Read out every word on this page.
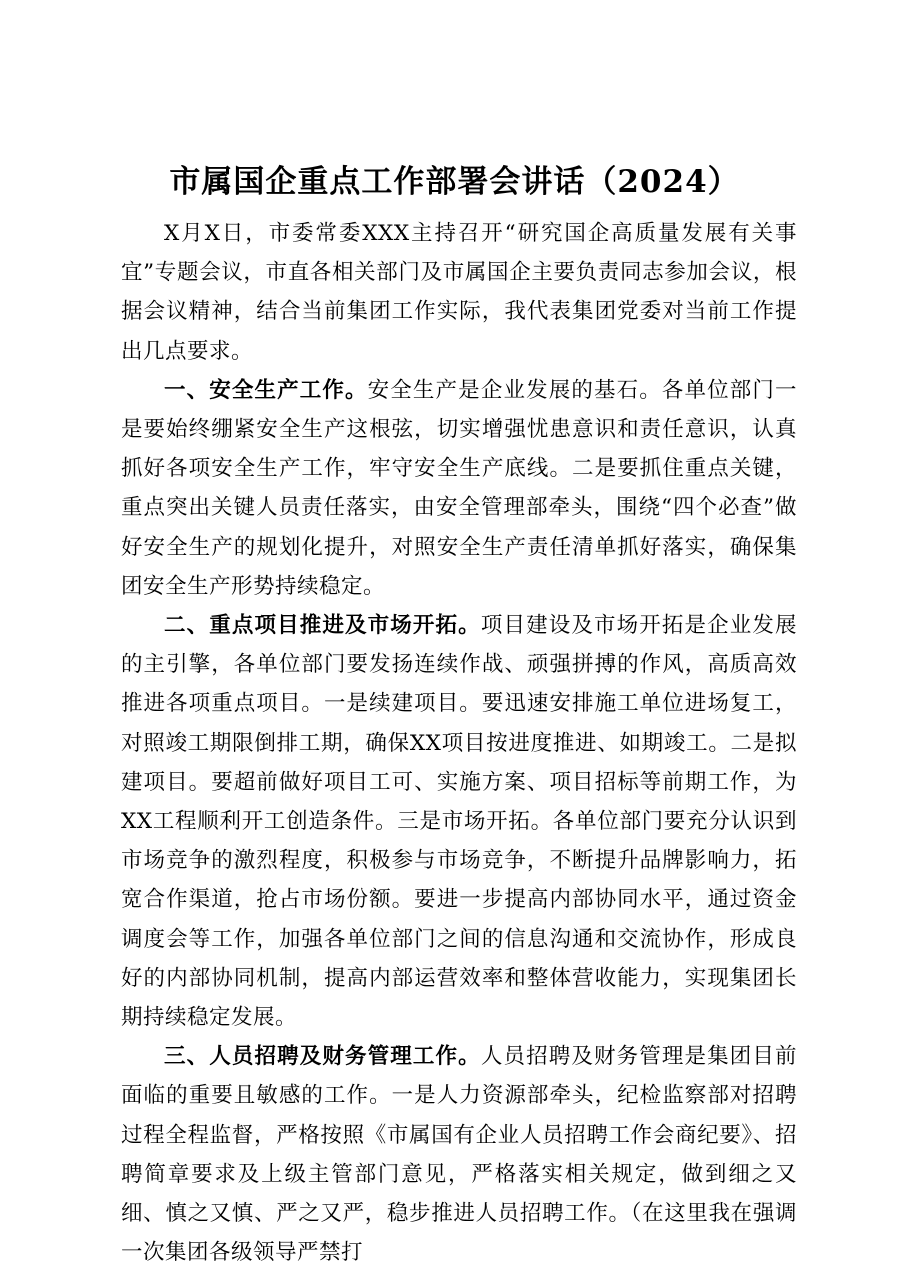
市属国企重点工作部署会讲话（2024）

X月X日，市委常委XXX主持召开“研究国企高质量发展有关事宜”专题会议，市直各相关部门及市属国企主要负责同志参加会议，根据会议精神，结合当前集团工作实际，我代表集团党委对当前工作提出几点要求。

一、安全生产工作。安全生产是企业发展的基石。各单位部门一是要始终绷紧安全生产这根弦，切实增强忧患意识和责任意识，认真抓好各项安全生产工作，牢守安全生产底线。二是要抓住重点关键，重点突出关键人员责任落实，由安全管理部牵头，围绕“四个必查”做好安全生产的规划化提升，对照安全生产责任清单抓好落实，确保集团安全生产形势持续稳定。

二、重点项目推进及市场开拓。项目建设及市场开拓是企业发展的主引擎，各单位部门要发扬连续作战、顽强拼搏的作风，高质高效推进各项重点项目。一是续建项目。要迅速安排施工单位进场复工，对照竣工期限倒排工期，确保XX项目按进度推进、如期竣工。二是拟建项目。要超前做好项目工可、实施方案、项目招标等前期工作，为XX工程顺利开工创造条件。三是市场开拓。各单位部门要充分认识到市场竞争的激烈程度，积极参与市场竞争，不断提升品牌影响力，拓宽合作渠道，抢占市场份额。要进一步提高内部协同水平，通过资金调度会等工作，加强各单位部门之间的信息沟通和交流协作，形成良好的内部协同机制，提高内部运营效率和整体营收能力，实现集团长期持续稳定发展。

三、人员招聘及财务管理工作。人员招聘及财务管理是集团目前面临的重要且敏感的工作。一是人力资源部牵头，纪检监察部对招聘过程全程监督，严格按照《市属国有企业人员招聘工作会商纪要》、招聘简章要求及上级主管部门意见，严格落实相关规定，做到细之又细、慎之又慎、严之又严，稳步推进人员招聘工作。（在这里我在强调一次集团各级领导严禁打
